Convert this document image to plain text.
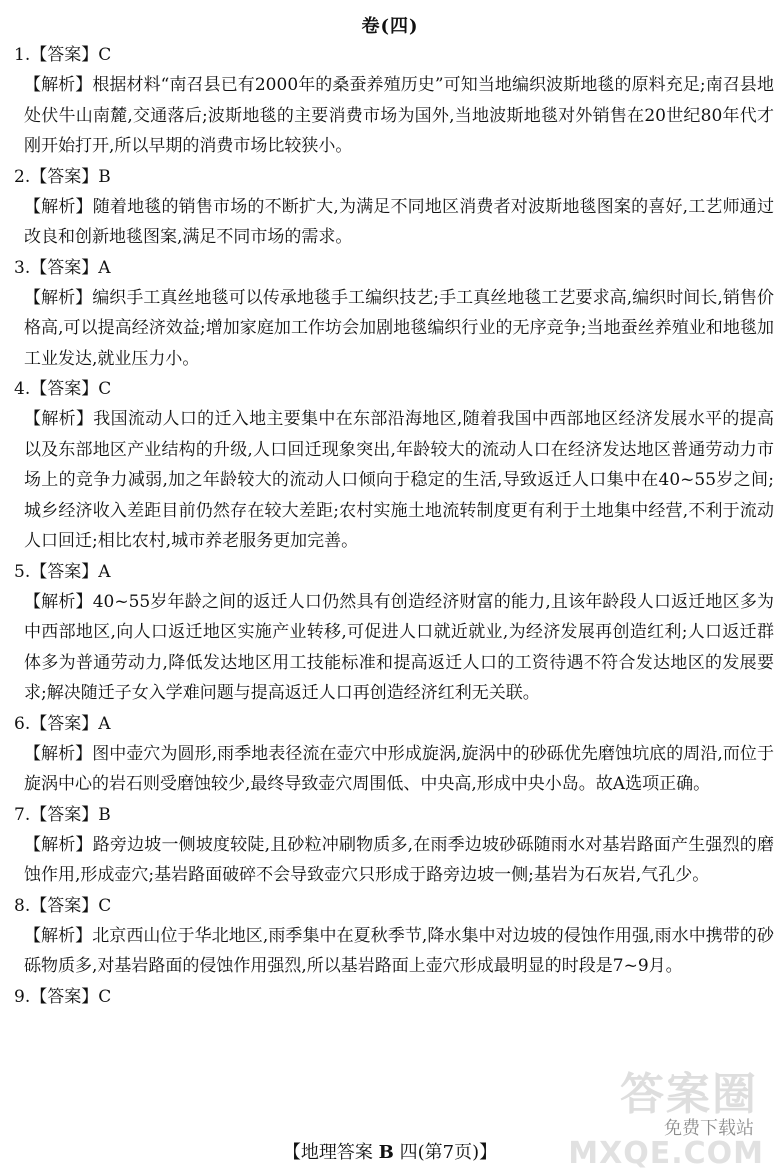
卷(四)
1.【答案】C

【解析】根据材料“南召县已有2000年的桑蚕养殖历史”可知当地编织波斯地毯的原料充足;南召县地处伏牛山南麓,交通落后;波斯地毯的主要消费市场为国外,当地波斯地毯对外销售在20世纪80年代才刚开始打开,所以早期的消费市场比较狭小。

2.【答案】B

【解析】随着地毯的销售市场的不断扩大,为满足不同地区消费者对波斯地毯图案的喜好,工艺师通过改良和创新地毯图案,满足不同市场的需求。

3.【答案】A

【解析】编织手工真丝地毯可以传承地毯手工编织技艺;手工真丝地毯工艺要求高,编织时间长,销售价格高,可以提高经济效益;增加家庭加工作坊会加剧地毯编织行业的无序竞争;当地蚕丝养殖业和地毯加工业发达,就业压力小。

4.【答案】C

【解析】我国流动人口的迁入地主要集中在东部沿海地区,随着我国中西部地区经济发展水平的提高以及东部地区产业结构的升级,人口回迁现象突出,年龄较大的流动人口在经济发达地区普通劳动力市场上的竞争力减弱,加之年龄较大的流动人口倾向于稳定的生活,导致返迁人口集中在40~55岁之间;城乡经济收入差距目前仍然存在较大差距;农村实施土地流转制度更有利于土地集中经营,不利于流动人口回迁;相比农村,城市养老服务更加完善。

5.【答案】A

【解析】40~55岁年龄之间的返迁人口仍然具有创造经济财富的能力,且该年龄段人口返迁地区多为中西部地区,向人口返迁地区实施产业转移,可促进人口就近就业,为经济发展再创造红利;人口返迁群体多为普通劳动力,降低发达地区用工技能标准和提高返迁人口的工资待遇不符合发达地区的发展要求;解决随迁子女入学难问题与提高返迁人口再创造经济红利无关联。

6.【答案】A

【解析】图中壶穴为圆形,雨季地表径流在壶穴中形成旋涡,旋涡中的砂砾优先磨蚀坑底的周沿,而位于旋涡中心的岩石则受磨蚀较少,最终导致壶穴周围低、中央高,形成中央小岛。故A选项正确。

7.【答案】B

【解析】路旁边坡一侧坡度较陡,且砂粒冲刷物质多,在雨季边坡砂砾随雨水对基岩路面产生强烈的磨蚀作用,形成壶穴;基岩路面破碎不会导致壶穴只形成于路旁边坡一侧;基岩为石灰岩,气孔少。

8.【答案】C

【解析】北京西山位于华北地区,雨季集中在夏秋季节,降水集中对边坡的侵蚀作用强,雨水中携带的砂砾物质多,对基岩路面的侵蚀作用强烈,所以基岩路面上壶穴形成最明显的时段是7~9月。

9.【答案】C
【地理答案 B 四(第7页)】
答案圈
免费下载站
MXQE.COM
